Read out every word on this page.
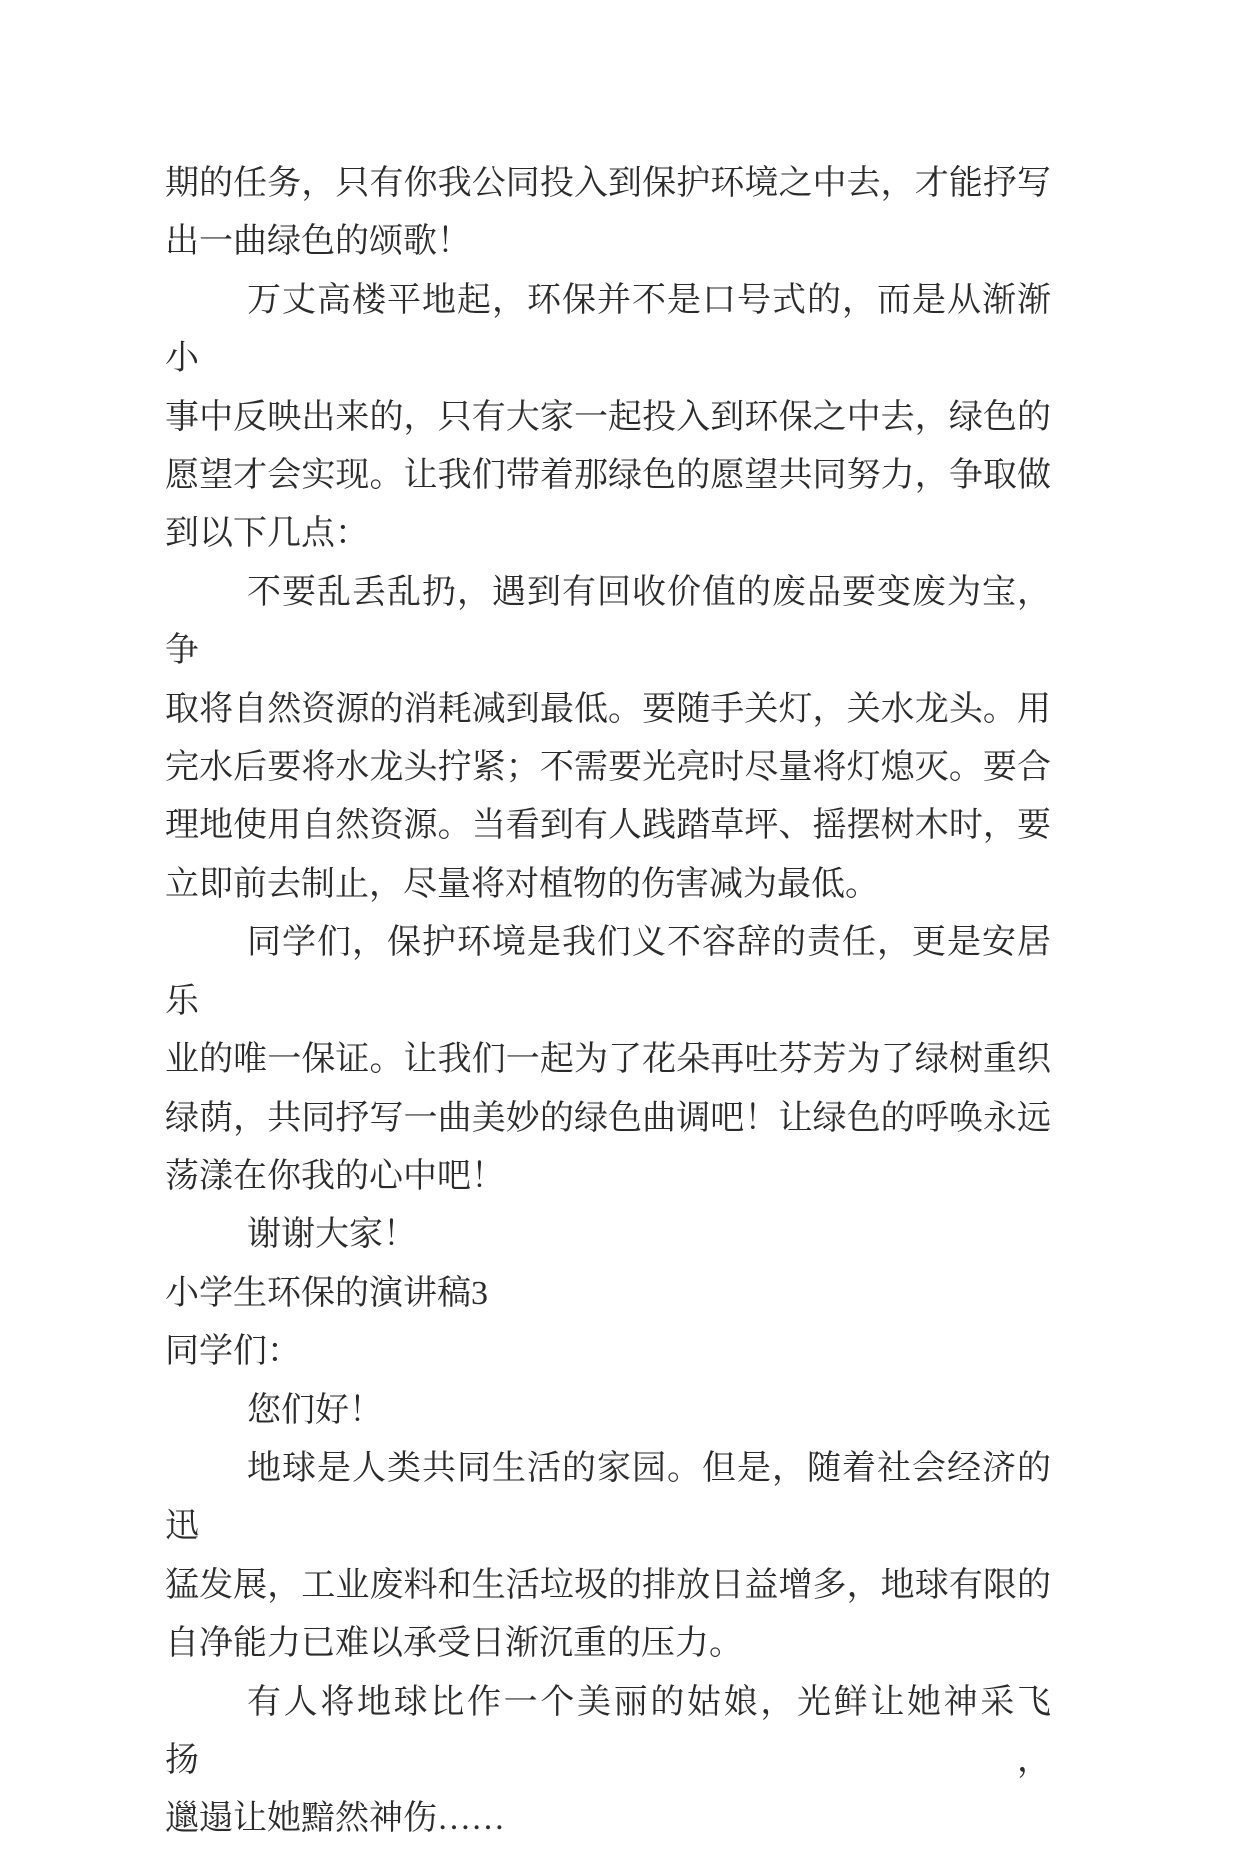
期的任务，只有你我公同投入到保护环境之中去，才能抒写
出一曲绿色的颂歌！
万丈高楼平地起，环保并不是口号式的，而是从渐渐小
事中反映出来的，只有大家一起投入到环保之中去，绿色的
愿望才会实现。让我们带着那绿色的愿望共同努力，争取做
到以下几点：
不要乱丢乱扔，遇到有回收价值的废品要变废为宝，争
取将自然资源的消耗减到最低。要随手关灯，关水龙头。用
完水后要将水龙头拧紧；不需要光亮时尽量将灯熄灭。要合
理地使用自然资源。当看到有人践踏草坪、摇摆树木时，要
立即前去制止，尽量将对植物的伤害减为最低。
同学们，保护环境是我们义不容辞的责任，更是安居乐
业的唯一保证。让我们一起为了花朵再吐芬芳为了绿树重织
绿荫，共同抒写一曲美妙的绿色曲调吧！让绿色的呼唤永远
荡漾在你我的心中吧！
谢谢大家！
小学生环保的演讲稿3
同学们：
您们好！
地球是人类共同生活的家园。但是，随着社会经济的迅
猛发展，工业废料和生活垃圾的排放日益增多，地球有限的
自净能力已难以承受日渐沉重的压力。
有人将地球比作一个美丽的姑娘，光鲜让她神采飞扬，
邋遢让她黯然神伤……
